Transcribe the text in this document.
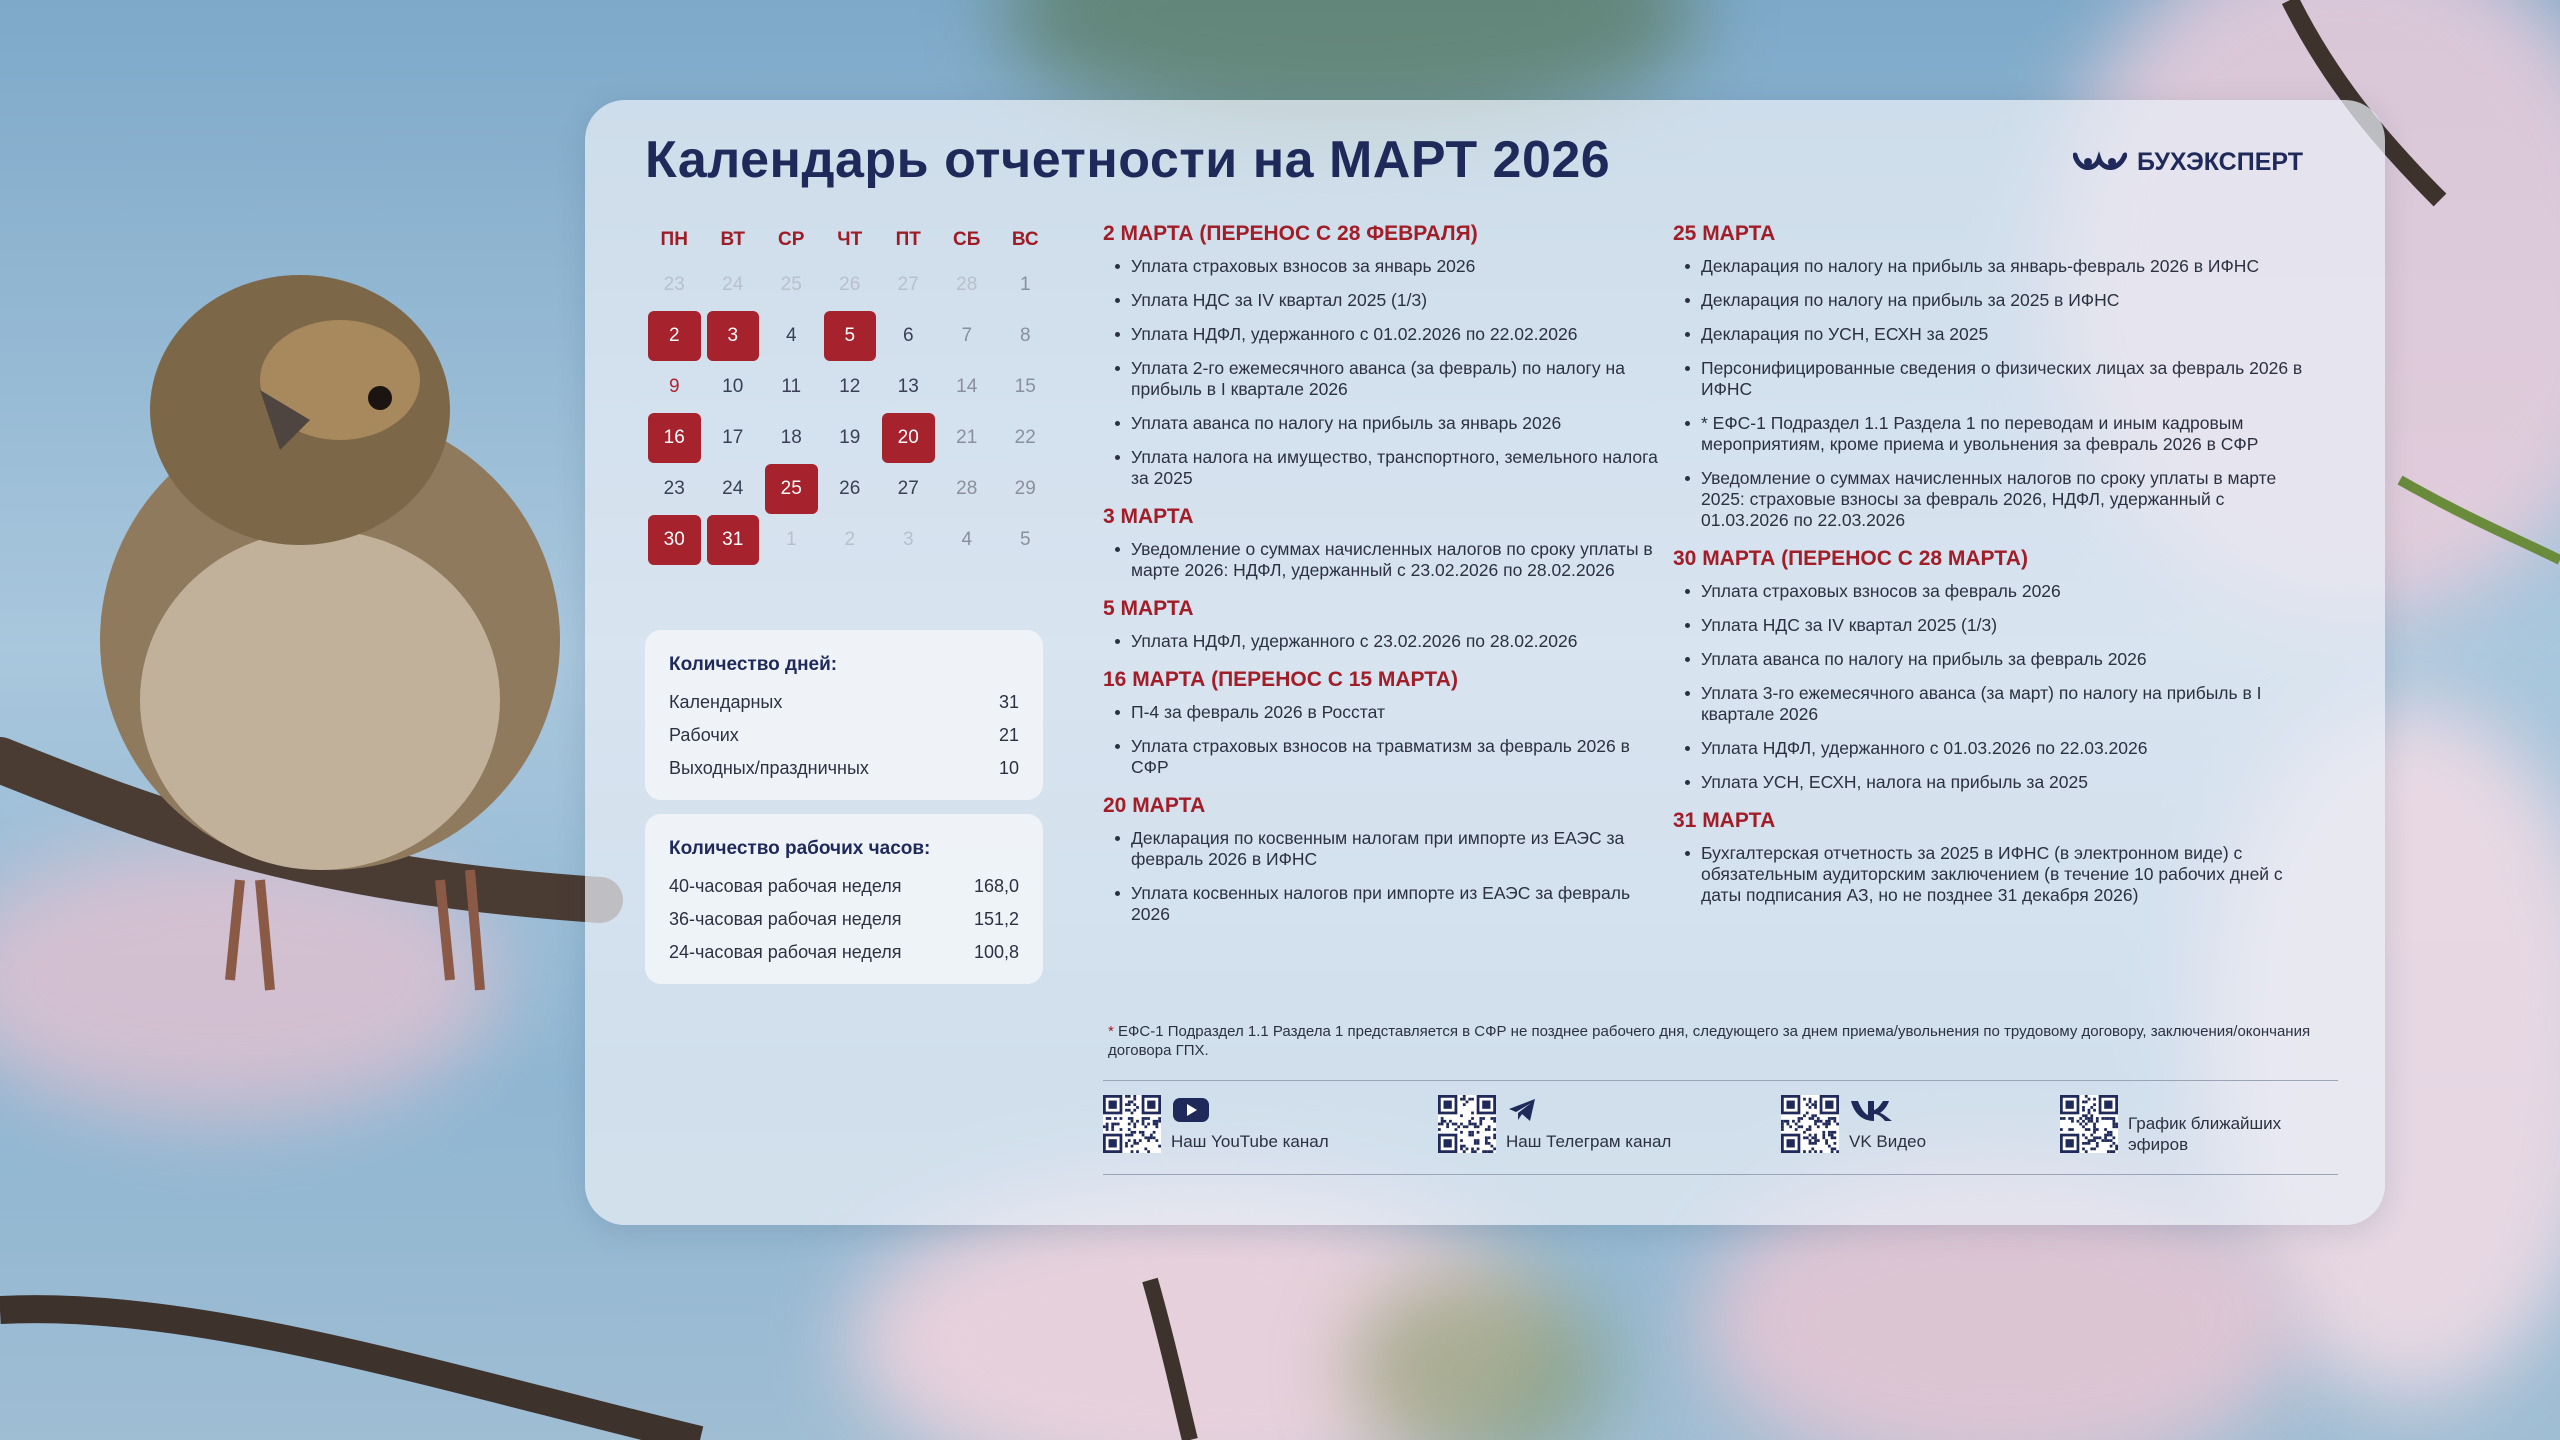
Календарь отчетности на МАРТ 2026	БУХЭКСПЕРТ
ПН	ВТ	СР	ЧТ	ПТ	СБ	ВС
23	24	25	26	27	28	1
2	3	4	5	6	7	8
9	10	11	12	13	14	15
16	17	18	19	20	21	22
23	24	25	26	27	28	29
30	31	1	2	3	4	5
Количество дней:
Календарных	31
Рабочих	21
Выходных/праздничных	10
Количество рабочих часов:
40-часовая рабочая неделя	168,0
36-часовая рабочая неделя	151,2
24-часовая рабочая неделя	100,8
2 МАРТА (ПЕРЕНОС С 28 ФЕВРАЛЯ)
Уплата страховых взносов за январь 2026
Уплата НДС за IV квартал 2025 (1/3)
Уплата НДФЛ, удержанного с 01.02.2026 по 22.02.2026
Уплата 2-го ежемесячного аванса (за февраль) по налогу на прибыль в I квартале 2026
Уплата аванса по налогу на прибыль за январь 2026
Уплата налога на имущество, транспортного, земельного налога за 2025
3 МАРТА
Уведомление о суммах начисленных налогов по сроку уплаты в марте 2026: НДФЛ, удержанный с 23.02.2026 по 28.02.2026
5 МАРТА
Уплата НДФЛ, удержанного с 23.02.2026 по 28.02.2026
16 МАРТА (ПЕРЕНОС С 15 МАРТА)
П-4 за февраль 2026 в Росстат
Уплата страховых взносов на травматизм за февраль 2026 в СФР
20 МАРТА
Декларация по косвенным налогам при импорте из ЕАЭС за февраль 2026 в ИФНС
Уплата косвенных налогов при импорте из ЕАЭС за февраль 2026
25 МАРТА
Декларация по налогу на прибыль за январь-февраль 2026 в ИФНС
Декларация по налогу на прибыль за 2025 в ИФНС
Декларация по УСН, ЕСХН за 2025
Персонифицированные сведения о физических лицах за февраль 2026 в ИФНС
* ЕФС-1 Подраздел 1.1 Раздела 1 по переводам и иным кадровым мероприятиям, кроме приема и увольнения за февраль 2026 в СФР
Уведомление о суммах начисленных налогов по сроку уплаты в марте 2025: страховые взносы за февраль 2026, НДФЛ, удержанный с 01.03.2026 по 22.03.2026
30 МАРТА (ПЕРЕНОС С 28 МАРТА)
Уплата страховых взносов за февраль 2026
Уплата НДС за IV квартал 2025 (1/3)
Уплата аванса по налогу на прибыль за февраль 2026
Уплата 3-го ежемесячного аванса (за март) по налогу на прибыль в I квартале 2026
Уплата НДФЛ, удержанного с 01.03.2026 по 22.03.2026
Уплата УСН, ЕСХН, налога на прибыль за 2025
31 МАРТА
Бухгалтерская отчетность за 2025 в ИФНС (в электронном виде) с обязательным аудиторским заключением (в течение 10 рабочих дней с даты подписания АЗ, но не позднее 31 декабря 2026)
* ЕФС-1 Подраздел 1.1 Раздела 1 представляется в СФР не позднее рабочего дня, следующего за днем приема/увольнения по трудовому договору, заключения/окончания договора ГПХ.
Наш YouTube канал	Наш Телеграм канал	VK Видео
График ближайших эфиров
